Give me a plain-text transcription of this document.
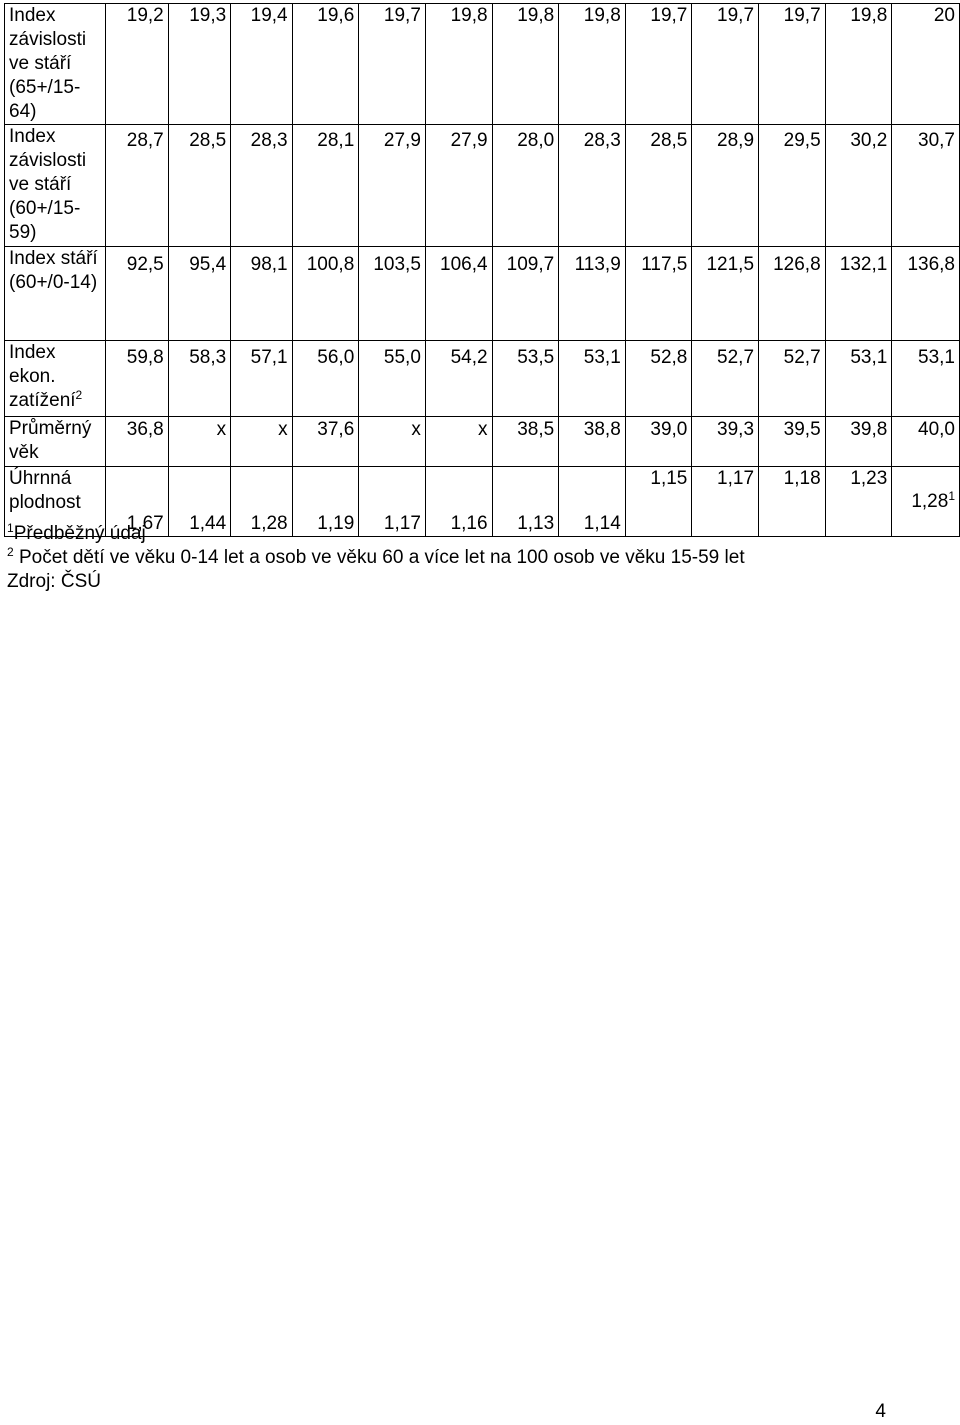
Index závislosti ve stáří (65+/15-64)	19,2	19,3	19,4	19,6	19,7	19,8	19,8	19,8	19,7	19,7	19,7	19,8	20
Index závislosti ve stáří (60+/15-59)	28,7	28,5	28,3	28,1	27,9	27,9	28,0	28,3	28,5	28,9	29,5	30,2	30,7
Index stáří (60+/0-14)	92,5	95,4	98,1	100,8	103,5	106,4	109,7	113,9	117,5	121,5	126,8	132,1	136,8
Index ekon. zatížení$^2$	59,8	58,3	57,1	56,0	55,0	54,2	53,5	53,1	52,8	52,7	52,7	53,1	53,1
Průměrný věk	36,8	x	x	37,6	x	x	38,5	38,8	39,0	39,3	39,5	39,8	40,0
Úhrnná plodnost	1,67	1,44	1,28	1,19	1,17	1,16	1,13	1,14	1,15	1,17	1,18	1,23	1,28$^1$
$^1$Předběžný údaj
$^2$ Počet dětí ve věku 0-14 let a osob ve věku 60 a více let na 100 osob ve věku 15-59 let
Zdroj: ČSÚ
4
